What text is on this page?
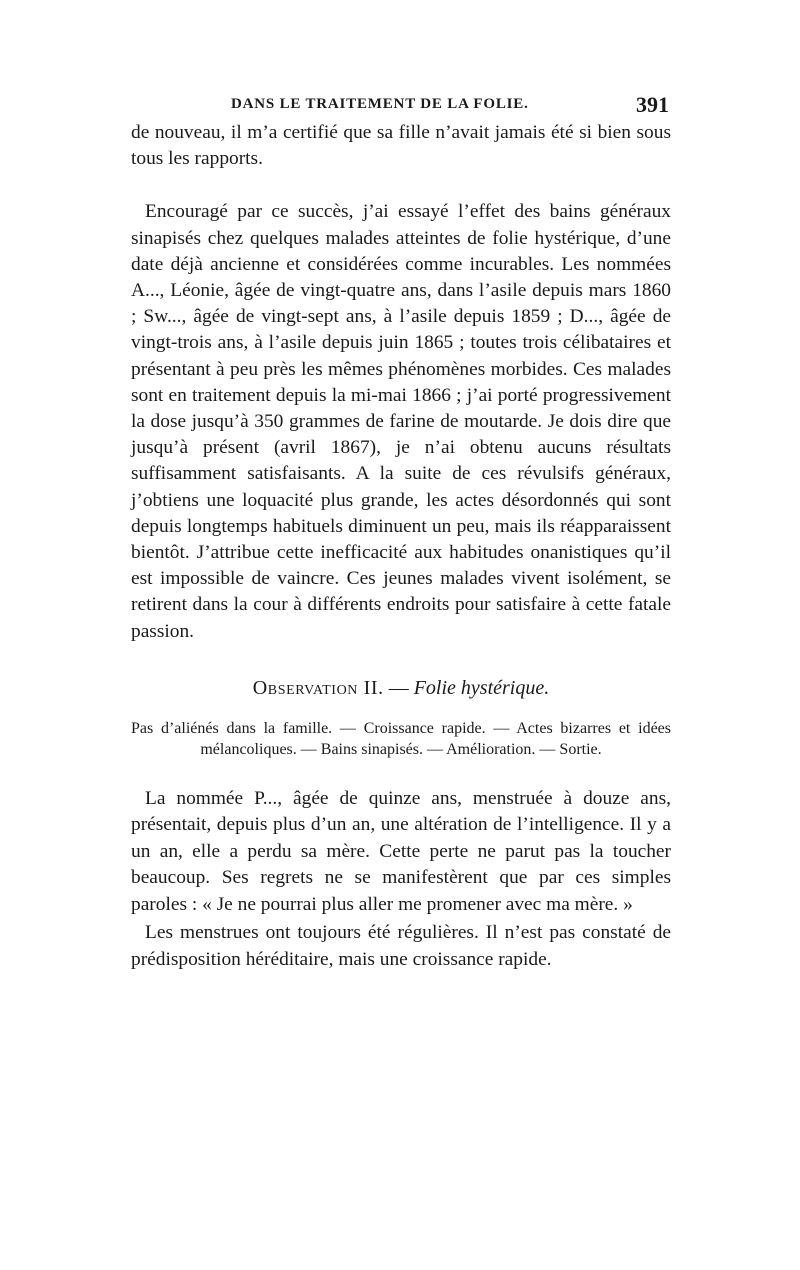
DANS LE TRAITEMENT DE LA FOLIE.	391

de nouveau, il m’a certifié que sa fille n’avait jamais été si bien sous tous les rapports.

Encouragé par ce succès, j’ai essayé l’effet des bains généraux sinapisés chez quelques malades atteintes de folie hystérique, d’une date déjà ancienne et considérées comme incurables. Les nommées A..., Léonie, âgée de vingt-quatre ans, dans l’asile depuis mars 1860 ; Sw..., âgée de vingt-sept ans, à l’asile depuis 1859 ; D..., âgée de vingt-trois ans, à l’asile depuis juin 1865 ; toutes trois célibataires et présentant à peu près les mêmes phénomènes morbides. Ces malades sont en traitement depuis la mi-mai 1866 ; j’ai porté progressivement la dose jusqu’à 350 grammes de farine de moutarde. Je dois dire que jusqu’à présent (avril 1867), je n’ai obtenu aucuns résultats suffisamment satisfaisants. A la suite de ces révulsifs généraux, j’obtiens une loquacité plus grande, les actes désordonnés qui sont depuis longtemps habituels diminuent un peu, mais ils réapparaissent bientôt. J’attribue cette inefficacité aux habitudes onanistiques qu’il est impossible de vaincre. Ces jeunes malades vivent isolément, se retirent dans la cour à différents endroits pour satisfaire à cette fatale passion.

Observation II. — Folie hystérique.

Pas d’aliénés dans la famille. — Croissance rapide. — Actes bizarres et idées mélancoliques. — Bains sinapisés. — Amélioration. — Sortie.

La nommée P..., âgée de quinze ans, menstruée à douze ans, présentait, depuis plus d’un an, une altération de l’intelligence. Il y a un an, elle a perdu sa mère. Cette perte ne parut pas la toucher beaucoup. Ses regrets ne se manifestèrent que par ces simples paroles : « Je ne pourrai plus aller me promener avec ma mère. »

Les menstrues ont toujours été régulières. Il n’est pas constaté de prédisposition héréditaire, mais une croissance rapide.
